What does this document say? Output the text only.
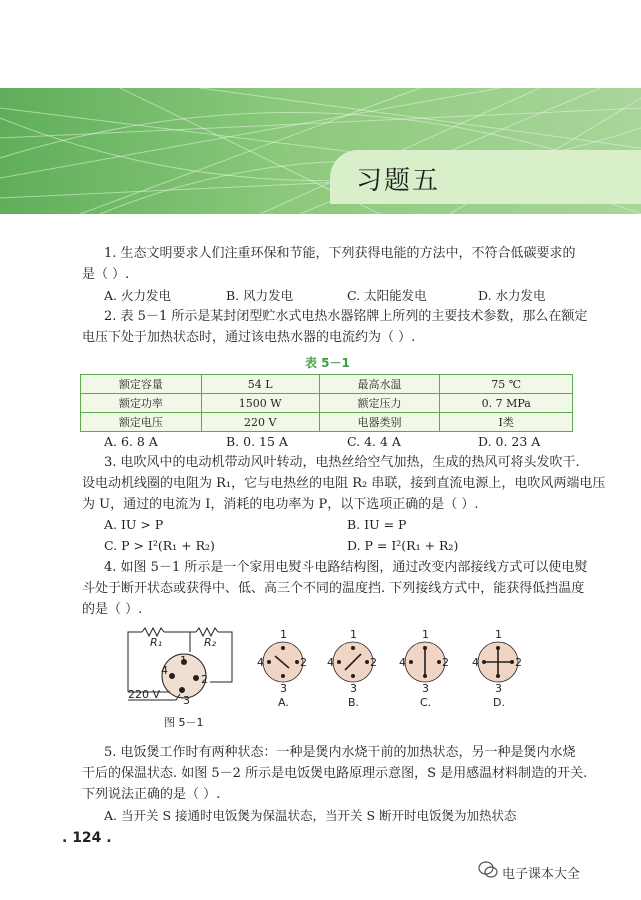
习题五
1. 生态文明要求人们注重环保和节能，下列获得电能的方法中，不符合低碳要求的
是（ ）.
A. 火力发电	B. 风力发电	C. 太阳能发电	D. 水力发电
2. 表 5－1 所示是某封闭型贮水式电热水器铭牌上所列的主要技术参数，那么在额定
电压下处于加热状态时，通过该电热水器的电流约为（ ）.
表 5－1
额定容量	54 L	最高水温	75 ℃
额定功率	1500 W	额定压力	0. 7 MPa
额定电压	220 V	电器类别	Ⅰ类
A. 6. 8 A	B. 0. 15 A	C. 4. 4 A	D. 0. 23 A
3. 电吹风中的电动机带动风叶转动，电热丝给空气加热，生成的热风可将头发吹干.
设电动机线圈的电阻为 R₁，它与电热丝的电阻 R₂ 串联，接到直流电源上，电吹风两端电压
为 U，通过的电流为 I，消耗的电功率为 P，以下选项正确的是（ ）.
A. IU > P	B. IU = P
C. P > I²(R₁ + R₂)	D. P = I²(R₁ + R₂)
4. 如图 5－1 所示是一个家用电熨斗电路结构图，通过改变内部接线方式可以使电熨
斗处于断开状态或获得中、低、高三个不同的温度挡. 下列接线方式中，能获得低挡温度
的是（ ）.
R₁	R₂
220 V
1
2
3
4
图 5－1
1
2
3
4
A.
1
2
3
4
B.
1
2
3
4
C.
1
2
3
4
D.
5. 电饭煲工作时有两种状态：一种是煲内水烧干前的加热状态，另一种是煲内水烧
干后的保温状态. 如图 5－2 所示是电饭煲电路原理示意图，S 是用感温材料制造的开关.
下列说法正确的是（ ）.
A. 当开关 S 接通时电饭煲为保温状态，当开关 S 断开时电饭煲为加热状态
. 124 .
电子课本大全
